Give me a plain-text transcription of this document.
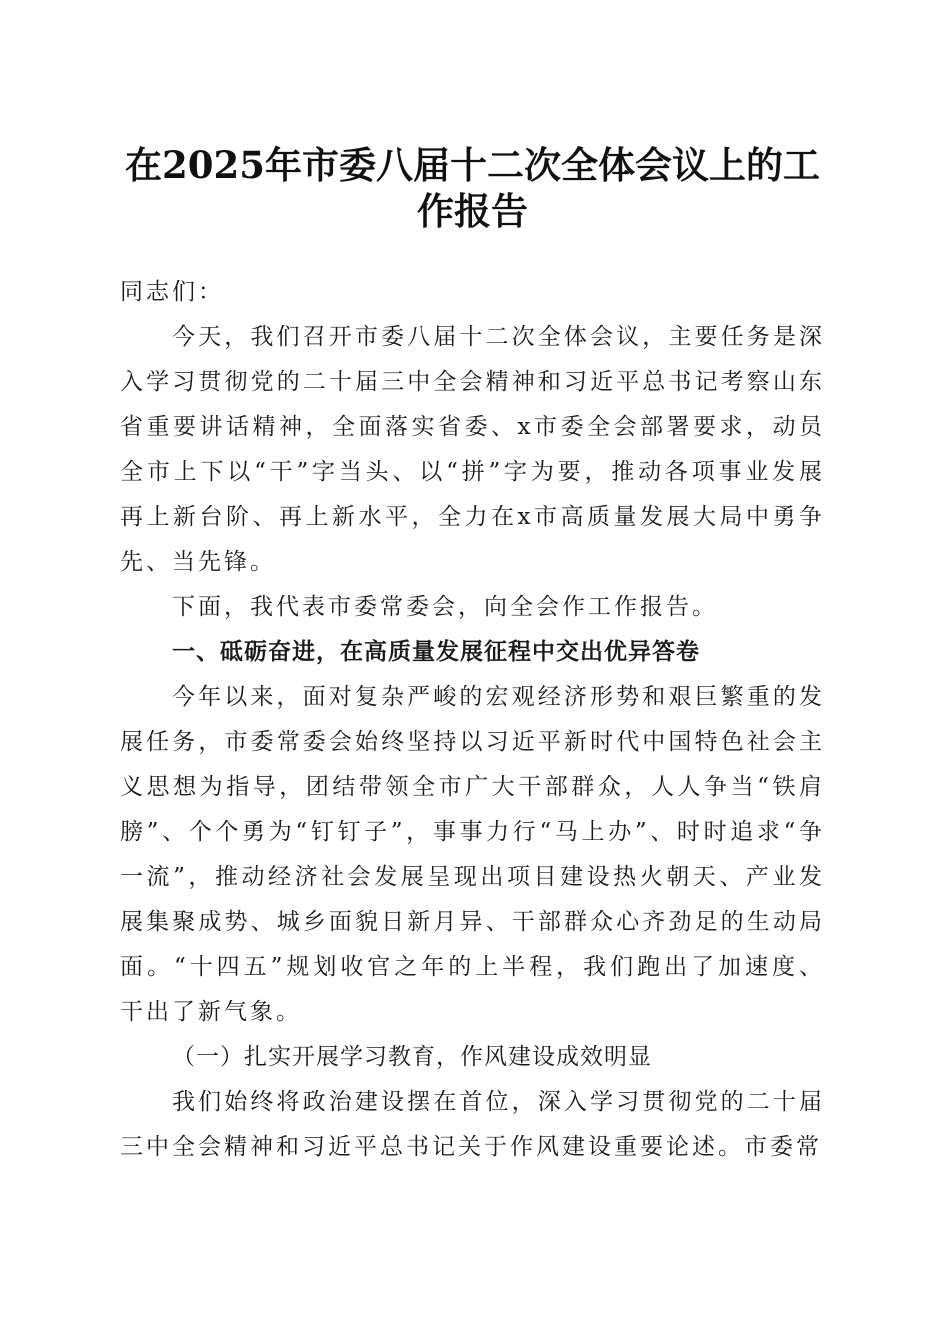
在2025年市委八届十二次全体会议上的工作报告

同志们：

今天，我们召开市委八届十二次全体会议，主要任务是深入学习贯彻党的二十届三中全会精神和习近平总书记考察山东省重要讲话精神，全面落实省委、x市委全会部署要求，动员全市上下以“干”字当头、以“拼”字为要，推动各项事业发展再上新台阶、再上新水平，全力在x市高质量发展大局中勇争先、当先锋。

下面，我代表市委常委会，向全会作工作报告。

一、砥砺奋进，在高质量发展征程中交出优异答卷

今年以来，面对复杂严峻的宏观经济形势和艰巨繁重的发展任务，市委常委会始终坚持以习近平新时代中国特色社会主义思想为指导，团结带领全市广大干部群众，人人争当“铁肩膀”、个个勇为“钉钉子”，事事力行“马上办”、时时追求“争一流”，推动经济社会发展呈现出项目建设热火朝天、产业发展集聚成势、城乡面貌日新月异、干部群众心齐劲足的生动局面。“十四五”规划收官之年的上半程，我们跑出了加速度、干出了新气象。

（一）扎实开展学习教育，作风建设成效明显

我们始终将政治建设摆在首位，深入学习贯彻党的二十届三中全会精神和习近平总书记关于作风建设重要论述。市委常
